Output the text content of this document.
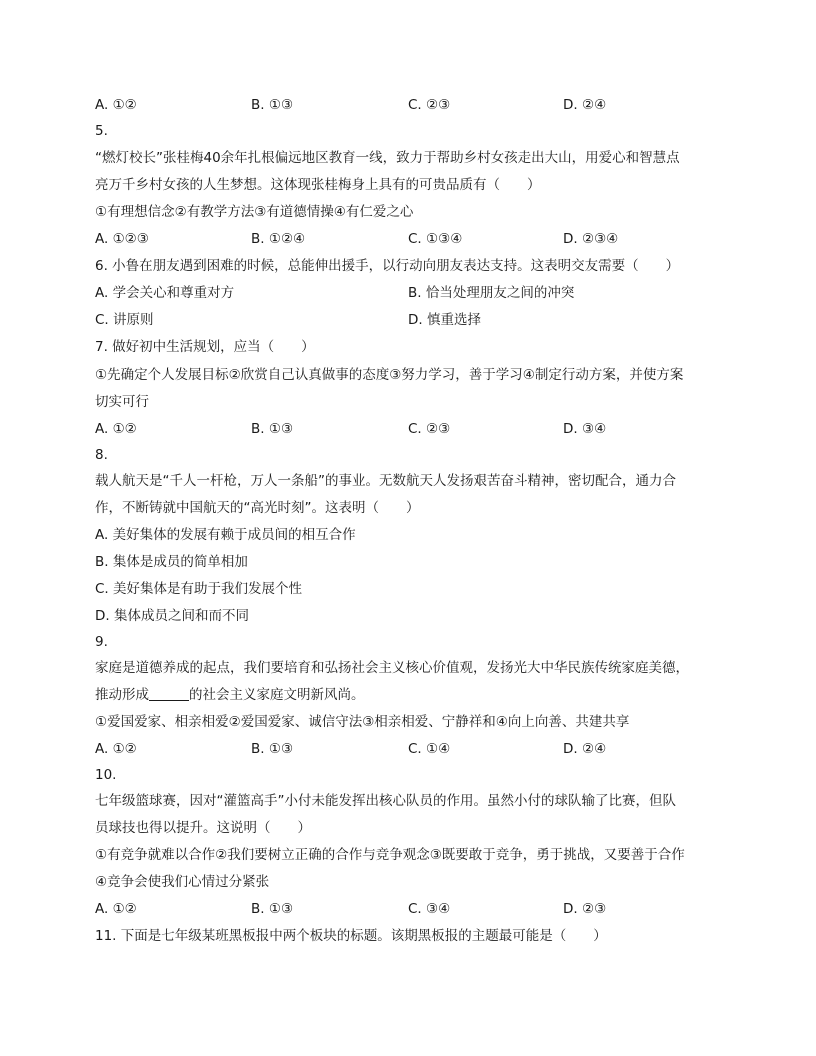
A. ①②	B. ①③	C. ②③	D. ②④
5.
“燃灯校长”张桂梅40余年扎根偏远地区教育一线，致力于帮助乡村女孩走出大山，用爱心和智慧点
亮万千乡村女孩的人生梦想。这体现张桂梅身上具有的可贵品质有（　　）
①有理想信念②有教学方法③有道德情操④有仁爱之心
A. ①②③	B. ①②④	C. ①③④	D. ②③④
6. 小鲁在朋友遇到困难的时候，总能伸出援手，以行动向朋友表达支持。这表明交友需要（　　）
A. 学会关心和尊重对方	B. 恰当处理朋友之间的冲突
C. 讲原则	D. 慎重选择
7. 做好初中生活规划，应当（　　）
①先确定个人发展目标②欣赏自己认真做事的态度③努力学习，善于学习④制定行动方案，并使方案
切实可行
A. ①②	B. ①③	C. ②③	D. ③④
8.
载人航天是“千人一杆枪，万人一条船”的事业。无数航天人发扬艰苦奋斗精神，密切配合，通力合
作，不断铸就中国航天的“高光时刻”。这表明（　　）
A. 美好集体的发展有赖于成员间的相互合作
B. 集体是成员的简单相加
C. 美好集体是有助于我们发展个性
D. 集体成员之间和而不同
9.
家庭是道德养成的起点，我们要培育和弘扬社会主义核心价值观，发扬光大中华民族传统家庭美德，
推动形成	的社会主义家庭文明新风尚。
①爱国爱家、相亲相爱②爱国爱家、诚信守法③相亲相爱、宁静祥和④向上向善、共建共享
A. ①②	B. ①③	C. ①④	D. ②④
10.
七年级篮球赛，因对“灌篮高手”小付未能发挥出核心队员的作用。虽然小付的球队输了比赛，但队
员球技也得以提升。这说明（　　）
①有竞争就难以合作②我们要树立正确的合作与竞争观念③既要敢于竞争，勇于挑战，又要善于合作
④竞争会使我们心情过分紧张
A. ①②	B. ①③	C. ③④	D. ②③
11. 下面是七年级某班黑板报中两个板块的标题。该期黑板报的主题最可能是（　　）
